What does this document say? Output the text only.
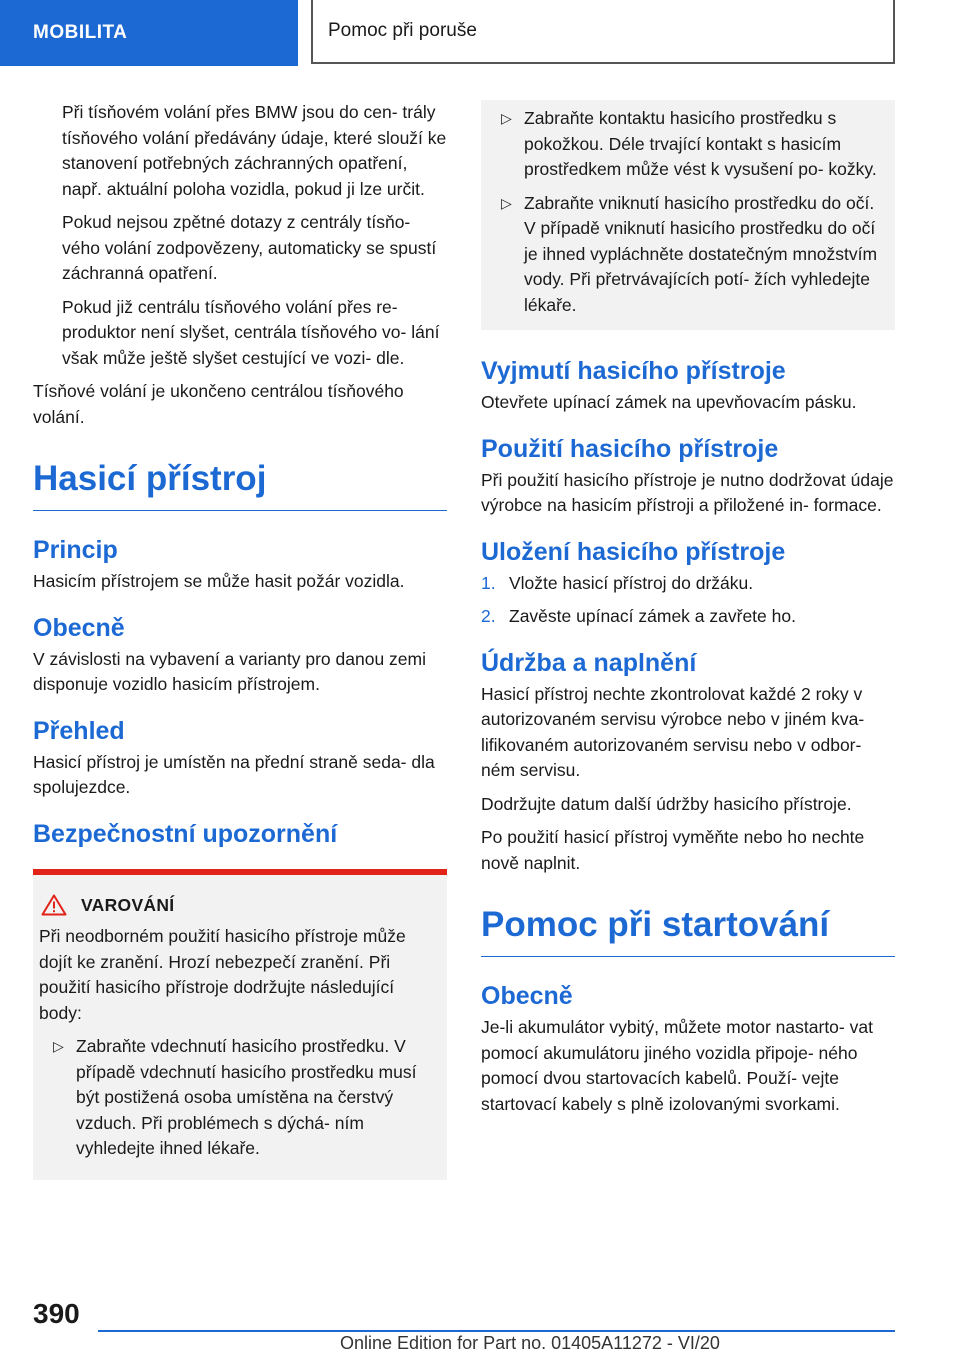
MOBILITA	Pomoc při poruše

Při tísňovém volání přes BMW jsou do cen‐ trály tísňového volání předávány údaje, které slouží ke stanovení potřebných záchranných opatření, např. aktuální poloha vozidla, pokud ji lze určit.

Pokud nejsou zpětné dotazy z centrály tísňo‐ vého volání zodpovězeny, automaticky se spustí záchranná opatření.

Pokud již centrálu tísňového volání přes re‐ produktor není slyšet, centrála tísňového vo‐ lání však může ještě slyšet cestující ve vozi‐ dle.

Tísňové volání je ukončeno centrálou tísňového volání.

Hasicí přístroj
Princip

Hasicím přístrojem se může hasit požár vozidla.

Obecně

V závislosti na vybavení a varianty pro danou zemi disponuje vozidlo hasicím přístrojem.

Přehled

Hasicí přístroj je umístěn na přední straně seda‐ dla spolujezdce.

Bezpečnostní upozornění
VAROVÁNÍ

Při neodborném použití hasicího přístroje může dojít ke zranění. Hrozí nebezpečí zranění. Při použití hasicího přístroje dodržujte následující body:

▷ Zabraňte vdechnutí hasicího prostředku. V případě vdechnutí hasicího prostředku musí být postižená osoba umístěna na čerstvý vzduch. Při problémech s dýchá‐ ním vyhledejte ihned lékaře.
▷ Zabraňte kontaktu hasicího prostředku s pokožkou. Déle trvající kontakt s hasicím prostředkem může vést k vysušení po‐ kožky.
▷ Zabraňte vniknutí hasicího prostředku do očí. V případě vniknutí hasicího prostředku do očí je ihned vypláchněte dostatečným množstvím vody. Při přetrvávajících potí‐ žích vyhledejte lékaře.
Vyjmutí hasicího přístroje

Otevřete upínací zámek na upevňovacím pásku.

Použití hasicího přístroje

Při použití hasicího přístroje je nutno dodržovat údaje výrobce na hasicím přístroji a přiložené in‐ formace.

Uložení hasicího přístroje
1. Vložte hasicí přístroj do držáku.
2. Zavěste upínací zámek a zavřete ho.
Údržba a naplnění

Hasicí přístroj nechte zkontrolovat každé 2 roky v autorizovaném servisu výrobce nebo v jiném kva‐ lifikovaném autorizovaném servisu nebo v odbor‐ ném servisu.

Dodržujte datum další údržby hasicího přístroje.

Po použití hasicí přístroj vyměňte nebo ho nechte nově naplnit.

Pomoc při startování
Obecně

Je-li akumulátor vybitý, můžete motor nastarto‐ vat pomocí akumulátoru jiného vozidla připoje‐ ného pomocí dvou startovacích kabelů. Použí‐ vejte startovací kabely s plně izolovanými svorkami.

390
Online Edition for Part no. 01405A11272 - VI/20
